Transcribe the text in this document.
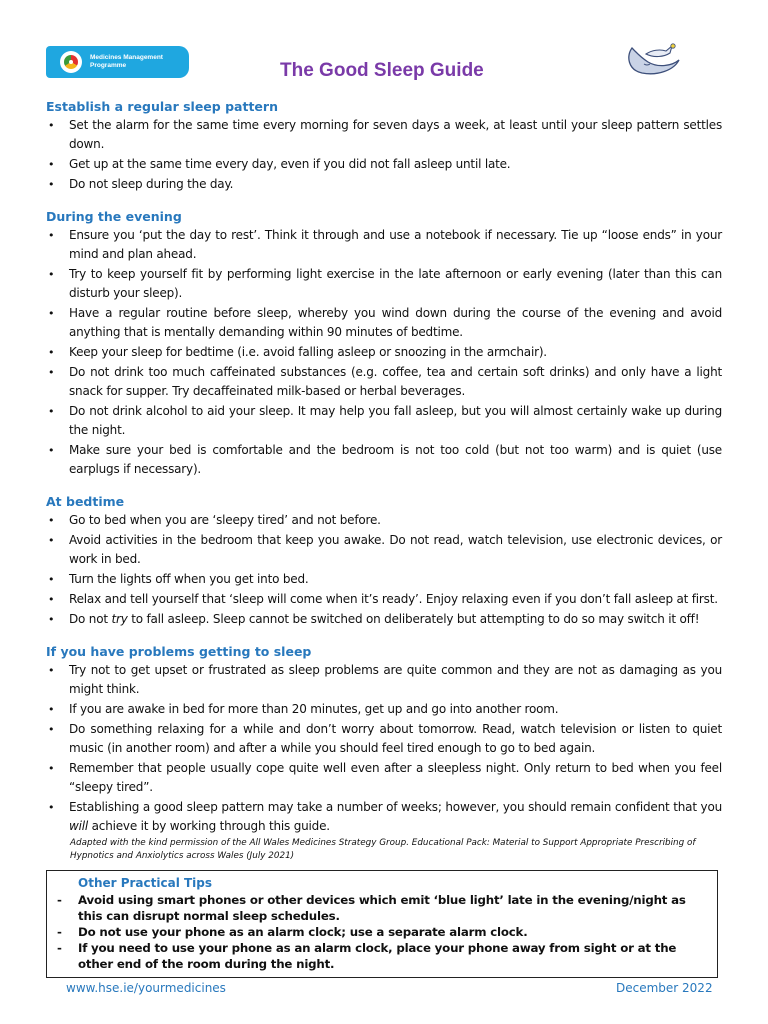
Medicines Management Programme	The Good Sleep Guide
Establish a regular sleep pattern
• Set the alarm for the same time every morning for seven days a week, at least until your sleep pattern settles down.
• Get up at the same time every day, even if you did not fall asleep until late.
• Do not sleep during the day.
During the evening
• Ensure you ‘put the day to rest’. Think it through and use a notebook if necessary. Tie up “loose ends” in your mind and plan ahead.
• Try to keep yourself fit by performing light exercise in the late afternoon or early evening (later than this can disturb your sleep).
• Have a regular routine before sleep, whereby you wind down during the course of the evening and avoid anything that is mentally demanding within 90 minutes of bedtime.
• Keep your sleep for bedtime (i.e. avoid falling asleep or snoozing in the armchair).
• Do not drink too much caffeinated substances (e.g. coffee, tea and certain soft drinks) and only have a light snack for supper. Try decaffeinated milk-based or herbal beverages.
• Do not drink alcohol to aid your sleep. It may help you fall asleep, but you will almost certainly wake up during the night.
• Make sure your bed is comfortable and the bedroom is not too cold (but not too warm) and is quiet (use earplugs if necessary).
At bedtime
• Go to bed when you are ‘sleepy tired’ and not before.
• Avoid activities in the bedroom that keep you awake. Do not read, watch television, use electronic devices, or work in bed.
• Turn the lights off when you get into bed.
• Relax and tell yourself that ‘sleep will come when it’s ready’. Enjoy relaxing even if you don’t fall asleep at first.
• Do not try to fall asleep. Sleep cannot be switched on deliberately but attempting to do so may switch it off!
If you have problems getting to sleep
• Try not to get upset or frustrated as sleep problems are quite common and they are not as damaging as you might think.
• If you are awake in bed for more than 20 minutes, get up and go into another room.
• Do something relaxing for a while and don’t worry about tomorrow. Read, watch television or listen to quiet music (in another room) and after a while you should feel tired enough to go to bed again.
• Remember that people usually cope quite well even after a sleepless night. Only return to bed when you feel “sleepy tired”.
• Establishing a good sleep pattern may take a number of weeks; however, you should remain confident that you will achieve it by working through this guide.

Adapted with the kind permission of the All Wales Medicines Strategy Group. Educational Pack: Material to Support Appropriate Prescribing of Hypnotics and Anxiolytics across Wales (July 2021)

Other Practical Tips
- Avoid using smart phones or other devices which emit ‘blue light’ late in the evening/night as this can disrupt normal sleep schedules.
- Do not use your phone as an alarm clock; use a separate alarm clock.
- If you need to use your phone as an alarm clock, place your phone away from sight or at the other end of the room during the night.
www.hse.ie/yourmedicines	December 2022
